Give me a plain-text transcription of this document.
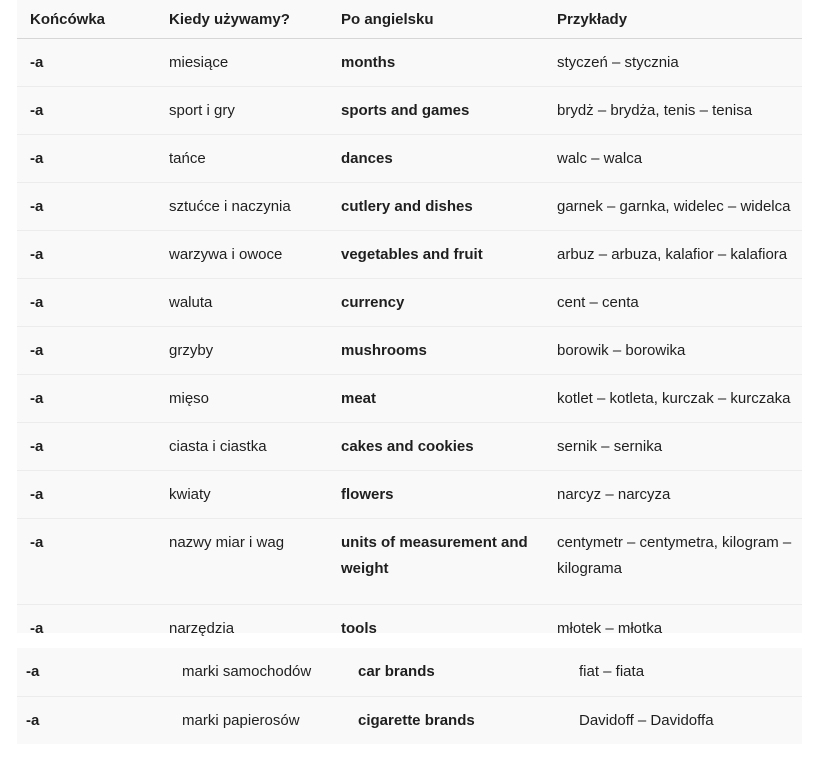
Końcówka	Kiedy używamy?	Po angielsku	Przykłady
-a	miesiące	months	styczeń – stycznia
-a	sport i gry	sports and games	brydż – brydża, tenis – tenisa
-a	tańce	dances	walc – walca
-a	sztućce i naczynia	cutlery and dishes	garnek – garnka, widelec – widelca
-a	warzywa i owoce	vegetables and fruit	arbuz – arbuza, kalafior – kalafiora
-a	waluta	currency	cent – centa
-a	grzyby	mushrooms	borowik – borowika
-a	mięso	meat	kotlet – kotleta, kurczak – kurczaka
-a	ciasta i ciastka	cakes and cookies	sernik – sernika
-a	kwiaty	flowers	narcyz – narcyza
-a	nazwy miar i wag	units of measurement and weight	centymetr – centymetra, kilogram – kilograma
-a	narzędzia	tools	młotek – młotka
-a	marki samochodów	car brands	fiat – fiata
-a	marki papierosów	cigarette brands	Davidoff – Davidoffa
